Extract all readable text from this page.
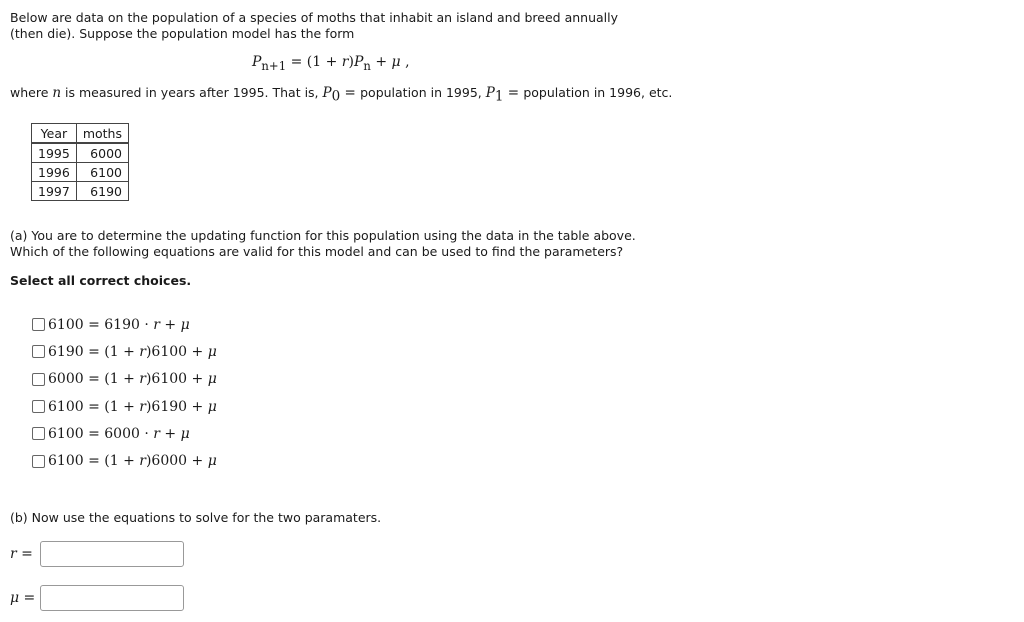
Below are data on the population of a species of moths that inhabit an island and breed annually (then die). Suppose the population model has the form
$P_{n+1} = (1 + r)P_n + \mu$ ,
where n is measured in years after 1995. That is, $P_0$ = population in 1995, $P_1$ = population in 1996, etc.
Year	moths
1995	6000
1996	6100
1997	6190
(a) You are to determine the updating function for this population using the data in the table above. Which of the following equations are valid for this model and can be used to find the parameters?
Select all correct choices.
6100 = 6190 · r + μ
6190 = (1 + r)6100 + μ
6000 = (1 + r)6100 + μ
6100 = (1 + r)6190 + μ
6100 = 6000 · r + μ
6100 = (1 + r)6000 + μ
(b) Now use the equations to solve for the two paramaters.
r =
μ =
